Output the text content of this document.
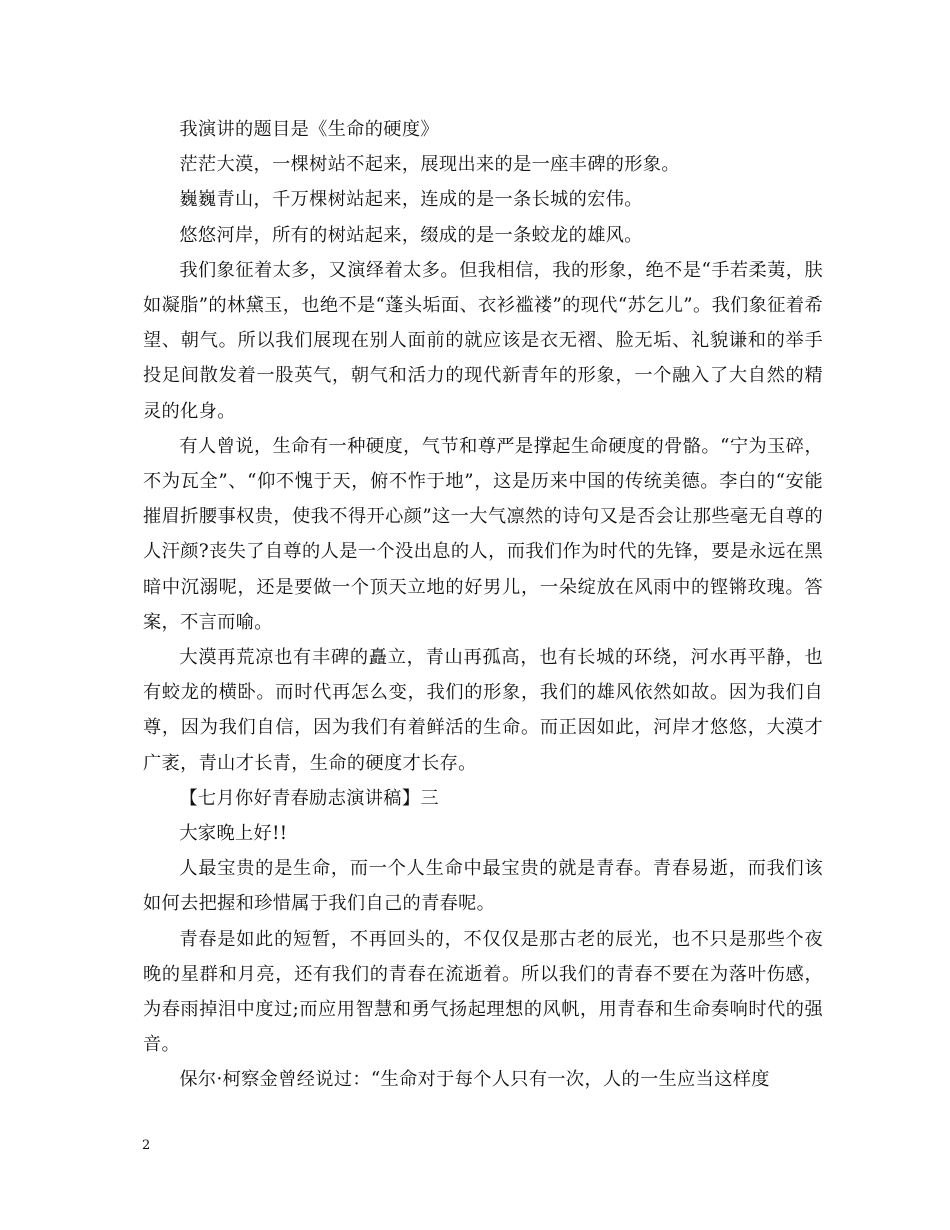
我演讲的题目是《生命的硬度》

茫茫大漠，一棵树站不起来，展现出来的是一座丰碑的形象。

巍巍青山，千万棵树站起来，连成的是一条长城的宏伟。

悠悠河岸，所有的树站起来，缀成的是一条蛟龙的雄风。

我们象征着太多，又演绎着太多。但我相信，我的形象，绝不是“手若柔荑，肤如凝脂”的林黛玉，也绝不是“蓬头垢面、衣衫褴褛”的现代“苏乞儿”。我们象征着希望、朝气。所以我们展现在别人面前的就应该是衣无褶、脸无垢、礼貌谦和的举手投足间散发着一股英气，朝气和活力的现代新青年的形象，一个融入了大自然的精灵的化身。

有人曾说，生命有一种硬度，气节和尊严是撑起生命硬度的骨骼。“宁为玉碎，不为瓦全”、“仰不愧于天，俯不怍于地”，这是历来中国的传统美德。李白的“安能摧眉折腰事权贵，使我不得开心颜”这一大气凛然的诗句又是否会让那些毫无自尊的人汗颜?丧失了自尊的人是一个没出息的人，而我们作为时代的先锋，要是永远在黑暗中沉溺呢，还是要做一个顶天立地的好男儿，一朵绽放在风雨中的铿锵玫瑰。答案，不言而喻。

大漠再荒凉也有丰碑的矗立，青山再孤高，也有长城的环绕，河水再平静，也有蛟龙的横卧。而时代再怎么变，我们的形象，我们的雄风依然如故。因为我们自尊，因为我们自信，因为我们有着鲜活的生命。而正因如此，河岸才悠悠，大漠才广袤，青山才长青，生命的硬度才长存。

【七月你好青春励志演讲稿】三

大家晚上好!!

人最宝贵的是生命，而一个人生命中最宝贵的就是青春。青春易逝，而我们该如何去把握和珍惜属于我们自己的青春呢。

青春是如此的短暂，不再回头的，不仅仅是那古老的辰光，也不只是那些个夜晚的星群和月亮，还有我们的青春在流逝着。所以我们的青春不要在为落叶伤感，为春雨掉泪中度过;而应用智慧和勇气扬起理想的风帆，用青春和生命奏响时代的强音。

保尔·柯察金曾经说过：“生命对于每个人只有一次，人的一生应当这样度

2
